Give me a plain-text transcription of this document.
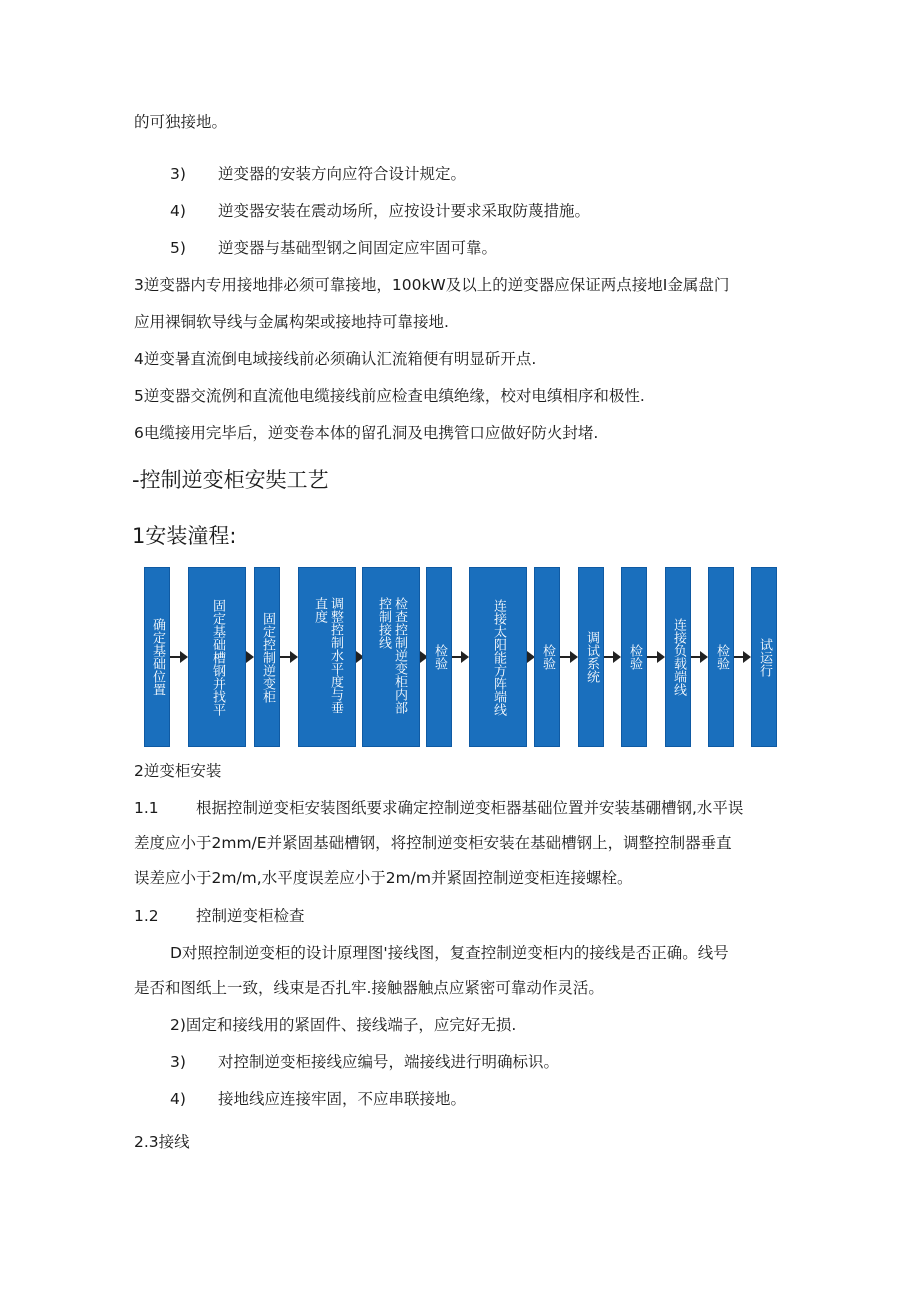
的可独接地。
3) 逆变器的安装方向应符合设计规定。
4) 逆变器安装在震动场所，应按设计要求采取防蔑措施。
5) 逆变器与基础型钢之间固定应牢固可靠。
3逆变器内专用接地排必须可靠接地，100kW及以上的逆变器应保证两点接地I金属盘门
应用裸铜软导线与金属构架或接地持可靠接地.
4逆变暑直流倒电域接线前必须确认汇流箱便有明显斫开点.
5逆变器交流例和直流他电缆接线前应检查电缜绝缘，校对电缜相序和极性.
6电缆接用完毕后，逆变卷本体的留孔洞及电携管口应做好防火封堵.
-控制逆变柜安奘工艺
1安装潼程:
确定基础位置	固定基础槽钢并找平	固定控制逆变柜	调整控制水平度与垂直度	检查控制逆变柜内部控制接线
检验	连接太阳能方阵端线	检验 调试系统 检验 连接负载端线 检验 试运行
2逆变柜安装
1.1 根据控制逆变柜安装图纸要求确定控制逆变柜器基础位置并安装基硼槽钢,水平误
差度应小于2mm∕E并紧固基础槽钢，将控制逆变柜安装在基础槽钢上，调整控制器垂直
误差应小于2m∕m,水平度误差应小于2m∕m并紧固控制逆变柜连接螺栓。
1.2 控制逆变柜检查
D对照控制逆变柜的设计原理图'接线图，复查控制逆变柜内的接线是否正确。线号
是否和图纸上一致，线束是否扎牢.接触器触点应紧密可靠动作灵活。
2)固定和接线用的紧固件、接线端子，应完好无损.
3) 对控制逆变柜接线应编号，端接线进行明确标识。
4) 接地线应连接牢固，不应串联接地。
2.3接线
